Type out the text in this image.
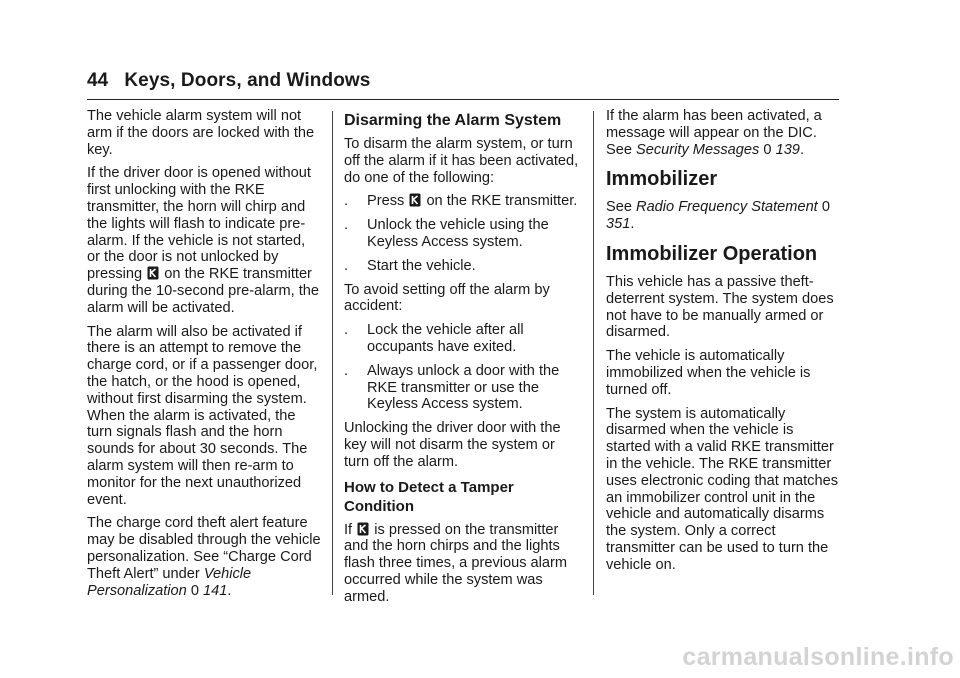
44 Keys, Doors, and Windows

The vehicle alarm system will not arm if the doors are locked with the key.

If the driver door is opened without first unlocking with the RKE transmitter, the horn will chirp and the lights will flash to indicate pre-alarm. If the vehicle is not started, or the door is not unlocked by pressing on the RKE transmitter during the 10-second pre-alarm, the alarm will be activated.

The alarm will also be activated if there is an attempt to remove the charge cord, or if a passenger door, the hatch, or the hood is opened, without first disarming the system. When the alarm is activated, the turn signals flash and the horn sounds for about 30 seconds. The alarm system will then re-arm to monitor for the next unauthorized event.

The charge cord theft alert feature may be disabled through the vehicle personalization. See “Charge Cord Theft Alert” under Vehicle Personalization 0 141.

Disarming the Alarm System

To disarm the alarm system, or turn off the alarm if it has been activated, do one of the following:

.	Press on the RKE transmitter.
.	Unlock the vehicle using the Keyless Access system.
.	Start the vehicle.

To avoid setting off the alarm by accident:

.	Lock the vehicle after all occupants have exited.
.	Always unlock a door with the RKE transmitter or use the Keyless Access system.

Unlocking the driver door with the key will not disarm the system or turn off the alarm.

How to Detect a Tamper Condition

If is pressed on the transmitter and the horn chirps and the lights flash three times, a previous alarm occurred while the system was armed.

If the alarm has been activated, a message will appear on the DIC. See Security Messages 0 139.

Immobilizer

See Radio Frequency Statement 0 351.

Immobilizer Operation

This vehicle has a passive theft-deterrent system. The system does not have to be manually armed or disarmed.

The vehicle is automatically immobilized when the vehicle is turned off.

The system is automatically disarmed when the vehicle is started with a valid RKE transmitter in the vehicle. The RKE transmitter uses electronic coding that matches an immobilizer control unit in the vehicle and automatically disarms the system. Only a correct transmitter can be used to turn the vehicle on.

carmanualsonline.info
